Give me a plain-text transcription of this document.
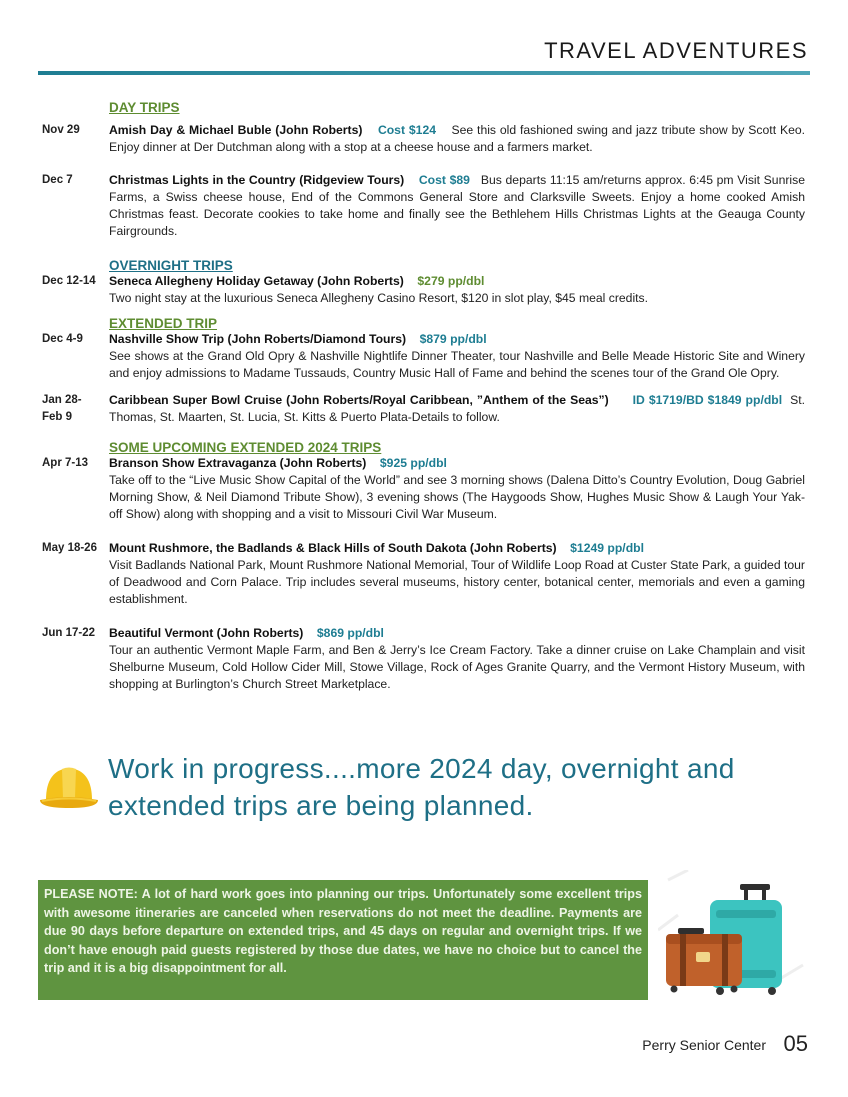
TRAVEL ADVENTURES
DAY TRIPS
Nov 29	Amish Day & Michael Buble (John Roberts) Cost $124 See this old fashioned swing and jazz tribute show by Scott Keo. Enjoy dinner at Der Dutchman along with a stop at a cheese house and a farmers market.
Dec 7	Christmas Lights in the Country (Ridgeview Tours) Cost $89 Bus departs 11:15 am/returns approx. 6:45 pm Visit Sunrise Farms, a Swiss cheese house, End of the Commons General Store and Clarksville Sweets. Enjoy a home cooked Amish Christmas feast. Decorate cookies to take home and finally see the Bethlehem Hills Christmas Lights at the Geauga County Fairgrounds.
OVERNIGHT TRIPS
Dec 12-14	Seneca Allegheny Holiday Getaway (John Roberts) $279 pp/dbl
Two night stay at the luxurious Seneca Allegheny Casino Resort, $120 in slot play, $45 meal credits.
EXTENDED TRIP
Dec 4-9	Nashville Show Trip (John Roberts/Diamond Tours) $879 pp/dbl
See shows at the Grand Old Opry & Nashville Nightlife Dinner Theater, tour Nashville and Belle Meade Historic Site and Winery and enjoy admissions to Madame Tussauds, Country Music Hall of Fame and behind the scenes tour of the Grand Ole Opry.
Jan 28-
Feb 9
Caribbean Super Bowl Cruise (John Roberts/Royal Caribbean, ”Anthem of the Seas”) ID $1719/BD $1849 pp/dbl St. Thomas, St. Maarten, St. Lucia, St. Kitts & Puerto Plata-Details to follow.
SOME UPCOMING EXTENDED 2024 TRIPS
Apr 7-13	Branson Show Extravaganza (John Roberts) $925 pp/dbl
Take off to the “Live Music Show Capital of the World” and see 3 morning shows (Dalena Ditto’s Country Evolution, Doug Gabriel Morning Show, & Neil Diamond Tribute Show), 3 evening shows (The Haygoods Show, Hughes Music Show & Laugh Your Yak-off Show) along with shopping and a visit to Missouri Civil War Museum.
May 18-26 Mount Rushmore, the Badlands & Black Hills of South Dakota (John Roberts) $1249 pp/dbl
Visit Badlands National Park, Mount Rushmore National Memorial, Tour of Wildlife Loop Road at Custer State Park, a guided tour of Deadwood and Corn Palace. Trip includes several museums, history center, botanical center, memorials and even a gaming establishment.
Jun 17-22	Beautiful Vermont (John Roberts) $869 pp/dbl
Tour an authentic Vermont Maple Farm, and Ben & Jerry’s Ice Cream Factory. Take a dinner cruise on Lake Champlain and visit Shelburne Museum, Cold Hollow Cider Mill, Stowe Village, Rock of Ages Granite Quarry, and the Vermont History Museum, with shopping at Burlington’s Church Street Marketplace.
Work in progress....more 2024 day, overnight and extended trips are being planned.

PLEASE NOTE: A lot of hard work goes into planning our trips. Unfortunately some excellent trips with awesome itineraries are canceled when reservations do not meet the deadline. Payments are due 90 days before departure on extended trips, and 45 days on regular and overnight trips. If we don’t have enough paid guests registered by those due dates, we have no choice but to cancel the trip and it is a big disappointment for all.

Perry Senior Center 05
